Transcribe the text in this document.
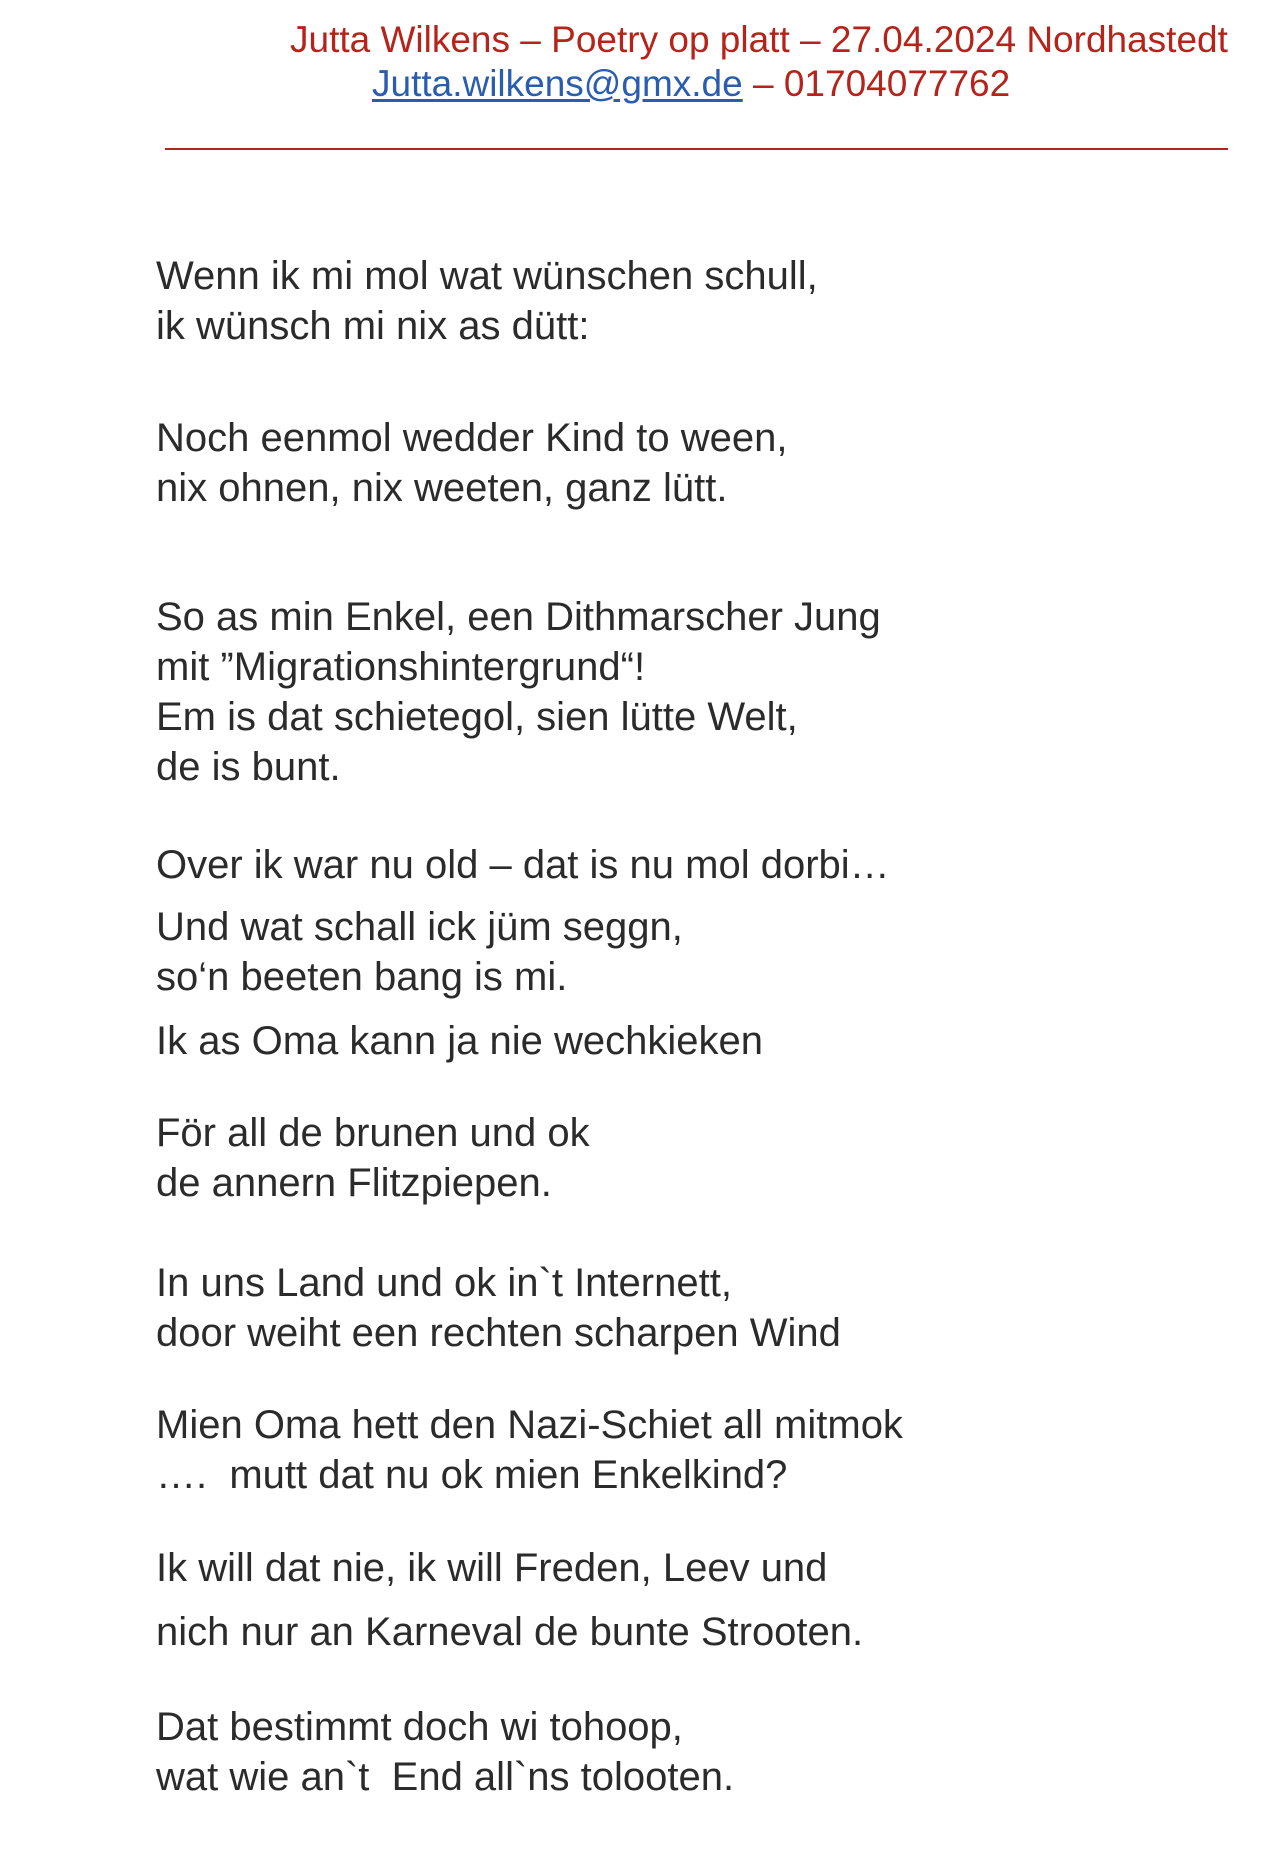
Jutta Wilkens – Poetry op platt – 27.04.2024 Nordhastedt
Jutta.wilkens@gmx.de – 01704077762
Wenn ik mi mol wat wünschen schull,
ik wünsch mi nix as dütt:
Noch eenmol wedder Kind to ween,
nix ohnen, nix weeten, ganz lütt.
So as min Enkel, een Dithmarscher Jung
mit ”Migrationshintergrund“!
Em is dat schietegol, sien lütte Welt,
de is bunt.
Over ik war nu old – dat is nu mol dorbi…
Und wat schall ick jüm seggn,
so‘n beeten bang is mi.
Ik as Oma kann ja nie wechkieken
För all de brunen und ok
de annern Flitzpiepen.
In uns Land und ok in`t Internett,
door weiht een rechten scharpen Wind
Mien Oma hett den Nazi-Schiet all mitmok
….  mutt dat nu ok mien Enkelkind?
Ik will dat nie, ik will Freden, Leev und
nich nur an Karneval de bunte Strooten.
Dat bestimmt doch wi tohoop,
wat wie an`t  End all`ns tolooten.
